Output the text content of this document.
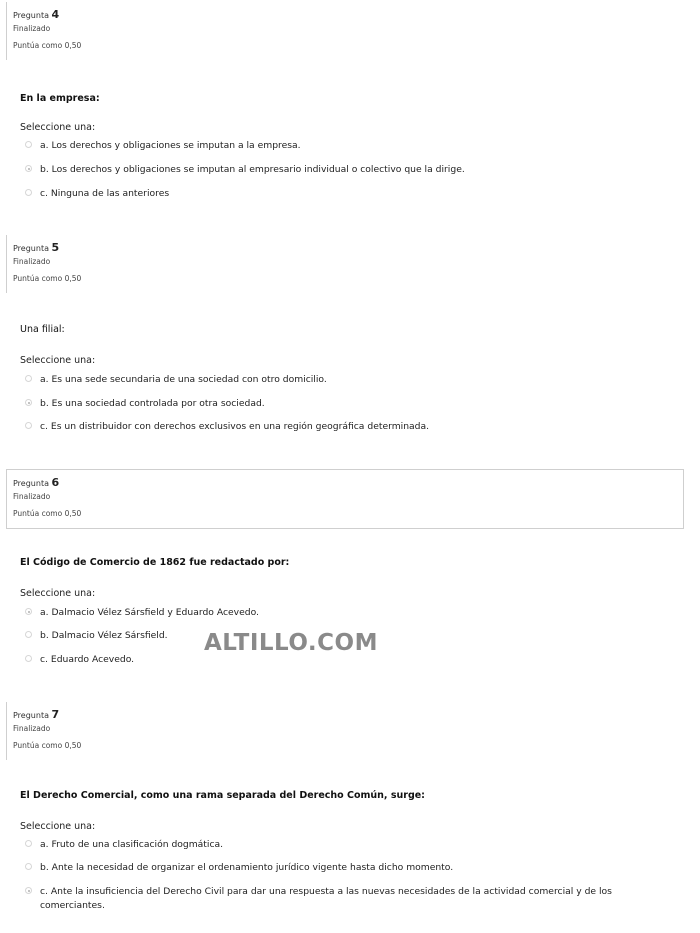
Pregunta 4
Finalizado
Puntúa como 0,50
En la empresa:
Seleccione una:
a. Los derechos y obligaciones se imputan a la empresa.
b. Los derechos y obligaciones se imputan al empresario individual o colectivo que la dirige.
c. Ninguna de las anteriores
Pregunta 5
Finalizado
Puntúa como 0,50
Una filial:
Seleccione una:
a. Es una sede secundaria de una sociedad con otro domicilio.
b. Es una sociedad controlada por otra sociedad.
c. Es un distribuidor con derechos exclusivos en una región geográfica determinada.
Pregunta 6
Finalizado
Puntúa como 0,50
El Código de Comercio de 1862 fue redactado por:
Seleccione una:
a. Dalmacio Vélez Sársfield y Eduardo Acevedo.
b. Dalmacio Vélez Sársfield.
c. Eduardo Acevedo.
Pregunta 7
Finalizado
Puntúa como 0,50
El Derecho Comercial, como una rama separada del Derecho Común, surge:
Seleccione una:
a. Fruto de una clasificación dogmática.
b. Ante la necesidad de organizar el ordenamiento jurídico vigente hasta dicho momento.
c. Ante la insuficiencia del Derecho Civil para dar una respuesta a las nuevas necesidades de la actividad comercial y de los comerciantes.
ALTILLO.COM
